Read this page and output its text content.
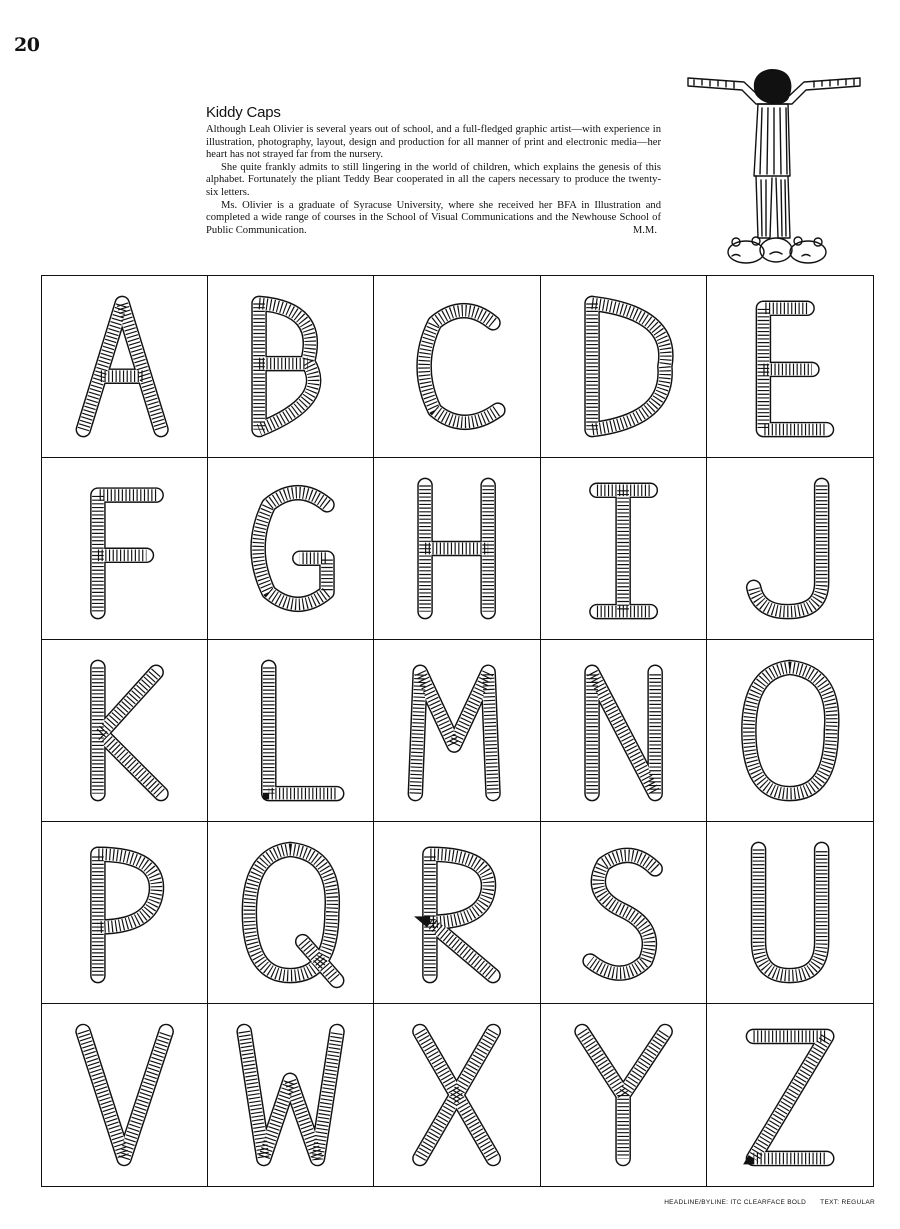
20
Kiddy Caps

Although Leah Olivier is several years out of school, and a full-fledged graphic artist—with experience in illustration, photography, layout, design and production for all manner of print and electronic media—her heart has not strayed far from the nursery.

She quite frankly admits to still lingering in the world of children, which explains the genesis of this alphabet. Fortunately the pliant Teddy Bear cooperated in all the capers necessary to produce the twenty-six letters.

Ms. Olivier is a graduate of Syracuse University, where she received her BFA in Illustration and completed a wide range of courses in the School of Visual Communications and the Newhouse School of Public Communication.	M.M.

HEADLINE/BYLINE: ITC CLEARFACE BOLD TEXT: REGULAR
